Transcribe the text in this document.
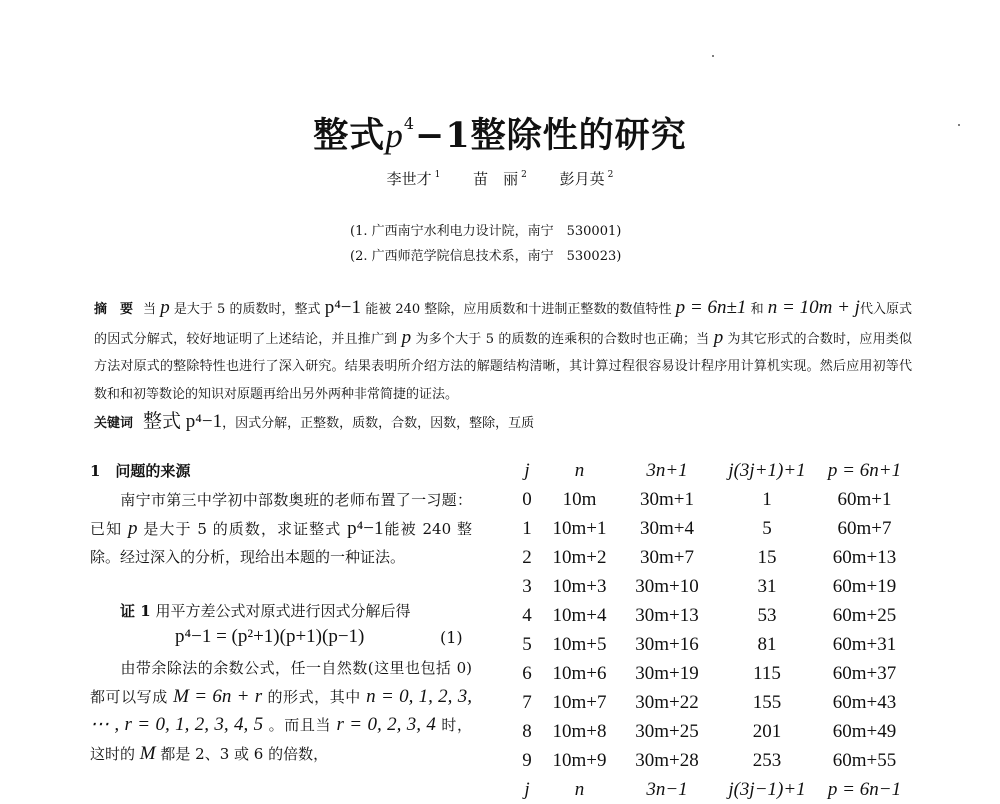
整式$p^4-1$整除性的研究
李世才 $^1$ 苗　丽 $^2$ 彭月英 $^2$
(1. 广西南宁水利电力设计院，南宁　530001)
(2. 广西师范学院信息技术系，南宁　530023)
摘　要 当 p 是大于 5 的质数时，整式 p⁴−1 能被 240 整除，应用质数和十进制正整数的数值特性 p = 6n±1 和 n = 10m + j代入原式的因式分解式，较好地证明了上述结论，并且推广到 p 为多个大于 5 的质数的连乘积的合数时也正确；当 p 为其它形式的合数时，应用类似方法对原式的整除特性也进行了深入研究。结果表明所介绍方法的解题结构清晰，其计算过程很容易设计程序用计算机实现。然后应用初等代数和和初等数论的知识对原题再给出另外两种非常简捷的证法。
关键词 整式 p⁴−1，因式分解，正整数，质数，合数，因数，整除，互质
1　问题的来源
南宁市第三中学初中部数奥班的老师布置了一习题：已知 p 是大于 5 的质数，求证整式 p⁴−1能被 240 整除。经过深入的分析，现给出本题的一种证法。
证 1 用平方差公式对原式进行因式分解后得
p⁴−1 = (p²+1)(p+1)(p−1)	(1)
由带余除法的余数公式，任一自然数(这里也包括 0)都可以写成 M = 6n + r 的形式，其中 n = 0, 1, 2, 3, ⋯ , r = 0, 1, 2, 3, 4, 5 。而且当 r = 0, 2, 3, 4 时，这时的 M 都是 2、3 或 6 的倍数，
j	n	3n+1	j(3j+1)+1	p = 6n+1
0	10m	30m+1	1	60m+1
1	10m+1	30m+4	5	60m+7
2	10m+2	30m+7	15	60m+13
3	10m+3	30m+10	31	60m+19
4	10m+4	30m+13	53	60m+25
5	10m+5	30m+16	81	60m+31
6	10m+6	30m+19	115	60m+37
7	10m+7	30m+22	155	60m+43
8	10m+8	30m+25	201	60m+49
9	10m+9	30m+28	253	60m+55
j	n	3n−1	j(3j−1)+1	p = 6n−1
